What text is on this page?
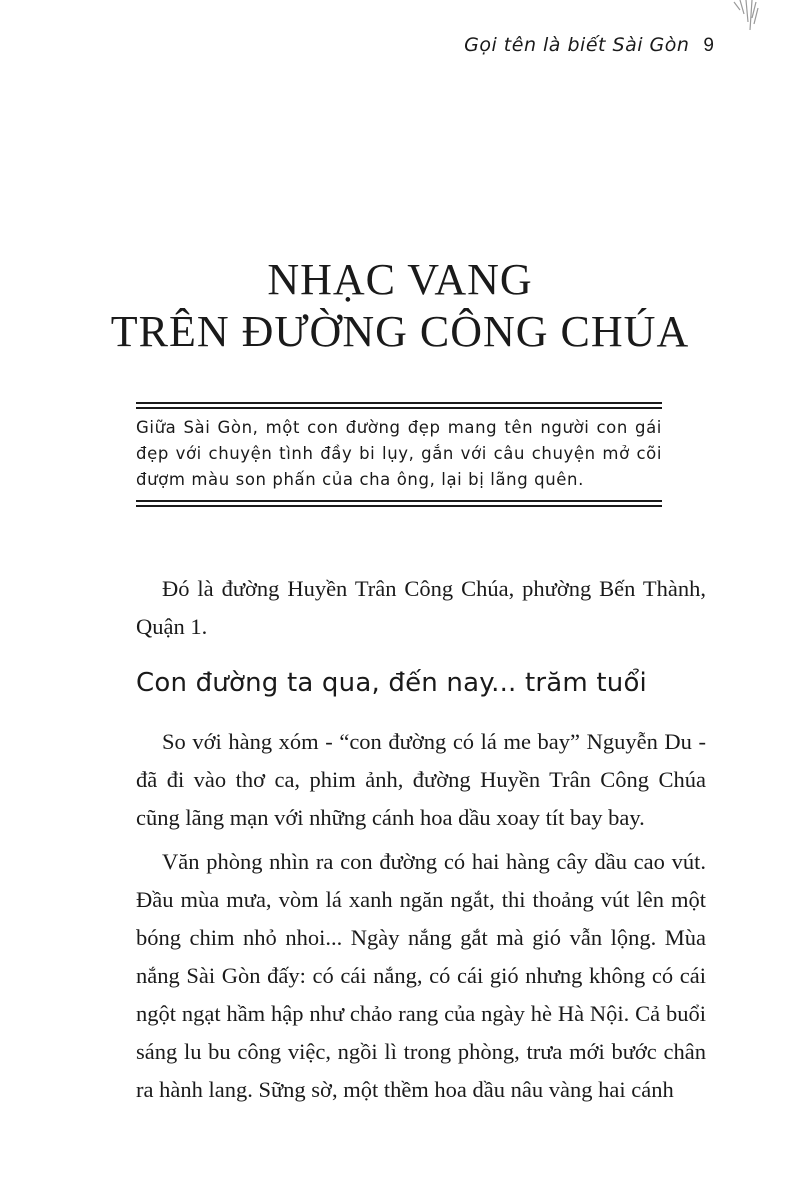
Gọi tên là biết Sài Gòn 9
NHẠC VANG
TRÊN ĐƯỜNG CÔNG CHÚA

Giữa Sài Gòn, một con đường đẹp mang tên người con gái đẹp với chuyện tình đầy bi lụy, gắn với câu chuyện mở cõi đượm màu son phấn của cha ông, lại bị lãng quên.

Đó là đường Huyền Trân Công Chúa, phường Bến Thành, Quận 1.

Con đường ta qua, đến nay... trăm tuổi

So với hàng xóm - “con đường có lá me bay” Nguyễn Du - đã đi vào thơ ca, phim ảnh, đường Huyền Trân Công Chúa cũng lãng mạn với những cánh hoa dầu xoay tít bay bay.

Văn phòng nhìn ra con đường có hai hàng cây dầu cao vút. Đầu mùa mưa, vòm lá xanh ngăn ngắt, thi thoảng vút lên một bóng chim nhỏ nhoi... Ngày nắng gắt mà gió vẫn lộng. Mùa nắng Sài Gòn đấy: có cái nắng, có cái gió nhưng không có cái ngột ngạt hầm hập như chảo rang của ngày hè Hà Nội. Cả buổi sáng lu bu công việc, ngồi lì trong phòng, trưa mới bước chân ra hành lang. Sững sờ, một thềm hoa dầu nâu vàng hai cánh
